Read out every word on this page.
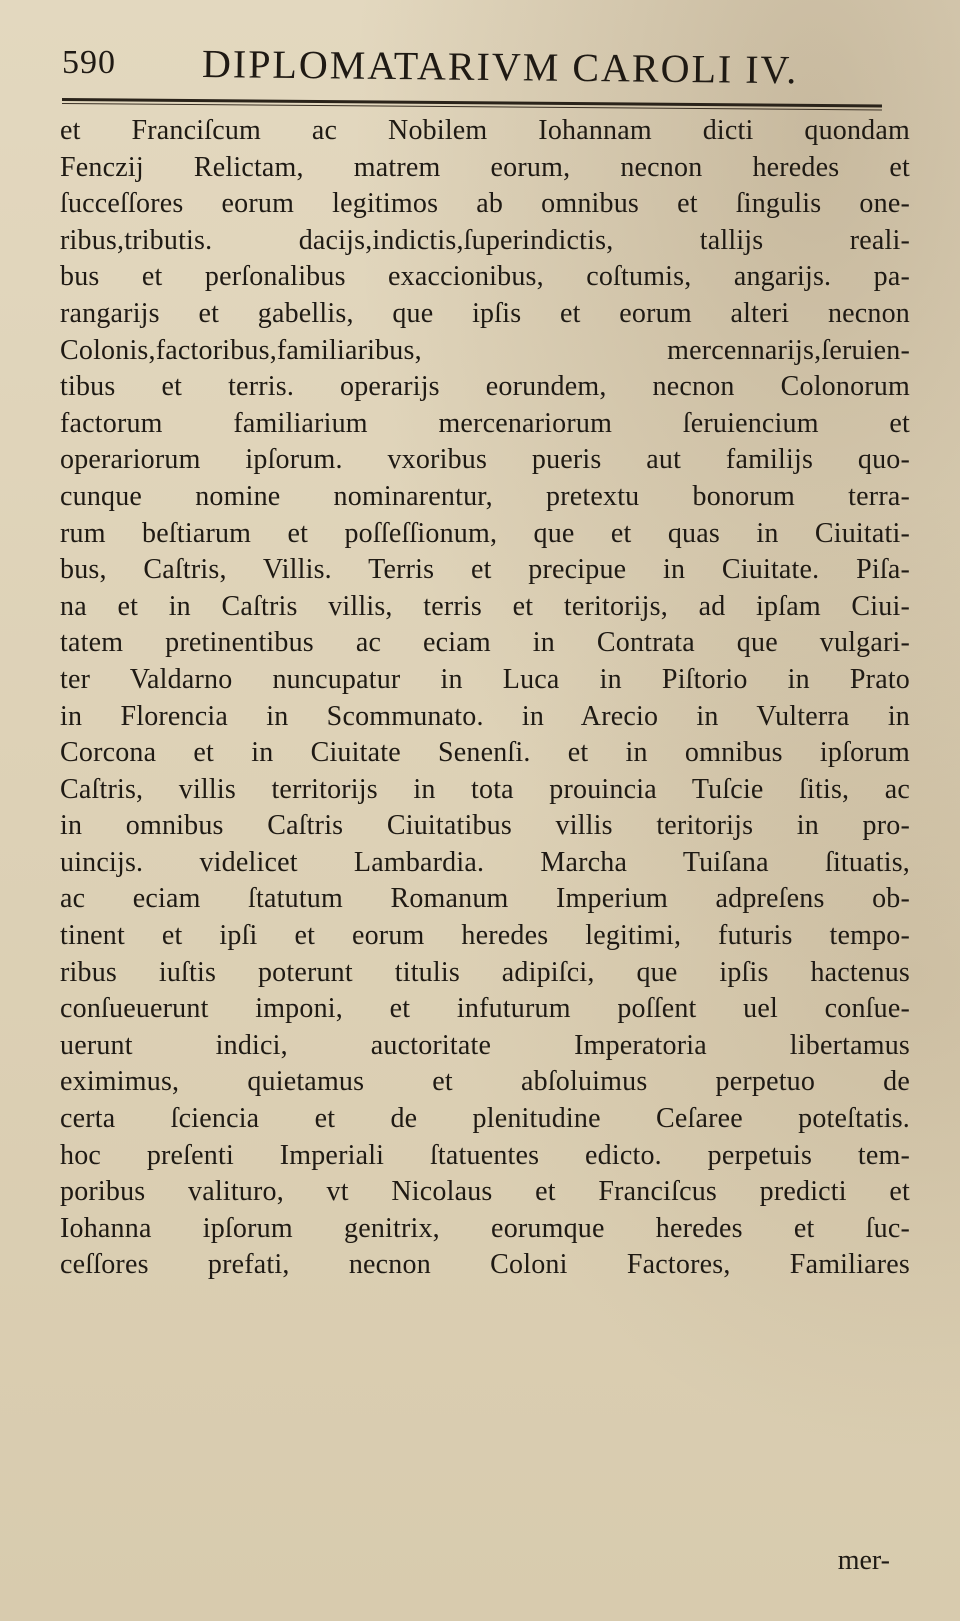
590 DIPLOMATARIVM CAROLI IV.
et Franciſcum ac Nobilem Iohannam dicti quondam
Fenczij Relictam, matrem eorum, necnon heredes et
ſucceſſores eorum legitimos ab omnibus et ſingulis one-
ribus,tributis. dacijs,indictis,ſuperindictis, tallijs reali-
bus et perſonalibus exaccionibus, coſtumis, angarijs. pa-
rangarijs et gabellis, que ipſis et eorum alteri necnon
Colonis,factoribus,familiaribus, mercennarijs,ſeruien-
tibus et terris. operarijs eorundem, necnon Colonorum
factorum familiarium mercenariorum ſeruiencium et
operariorum ipſorum. vxoribus pueris aut familijs quo-
cunque nomine nominarentur, pretextu bonorum terra-
rum beſtiarum et poſſeſſionum, que et quas in Ciuitati-
bus, Caſtris, Villis. Terris et precipue in Ciuitate. Piſa-
na et in Caſtris villis, terris et teritorijs, ad ipſam Ciui-
tatem pretinentibus ac eciam in Contrata que vulgari-
ter Valdarno nuncupatur in Luca in Piſtorio in Prato
in Florencia in Scommunato. in Arecio in Vulterra in
Corcona et in Ciuitate Senenſi. et in omnibus ipſorum
Caſtris, villis territorijs in tota prouincia Tuſcie ſitis, ac
in omnibus Caſtris Ciuitatibus villis teritorijs in pro-
uincijs. videlicet Lambardia. Marcha Tuiſana ſituatis,
ac eciam ſtatutum Romanum Imperium adpreſens ob-
tinent et ipſi et eorum heredes legitimi, futuris tempo-
ribus iuſtis poterunt titulis adipiſci, que ipſis hactenus
conſueuerunt imponi, et infuturum poſſent uel conſue-
uerunt indici, auctoritate Imperatoria libertamus
eximimus, quietamus et abſoluimus perpetuo de
certa ſciencia et de plenitudine Ceſaree poteſtatis.
hoc preſenti Imperiali ſtatuentes edicto. perpetuis tem-
poribus valituro, vt Nicolaus et Franciſcus predicti et
Iohanna ipſorum genitrix, eorumque heredes et ſuc-
ceſſores prefati, necnon Coloni Factores, Familiares
mer-
